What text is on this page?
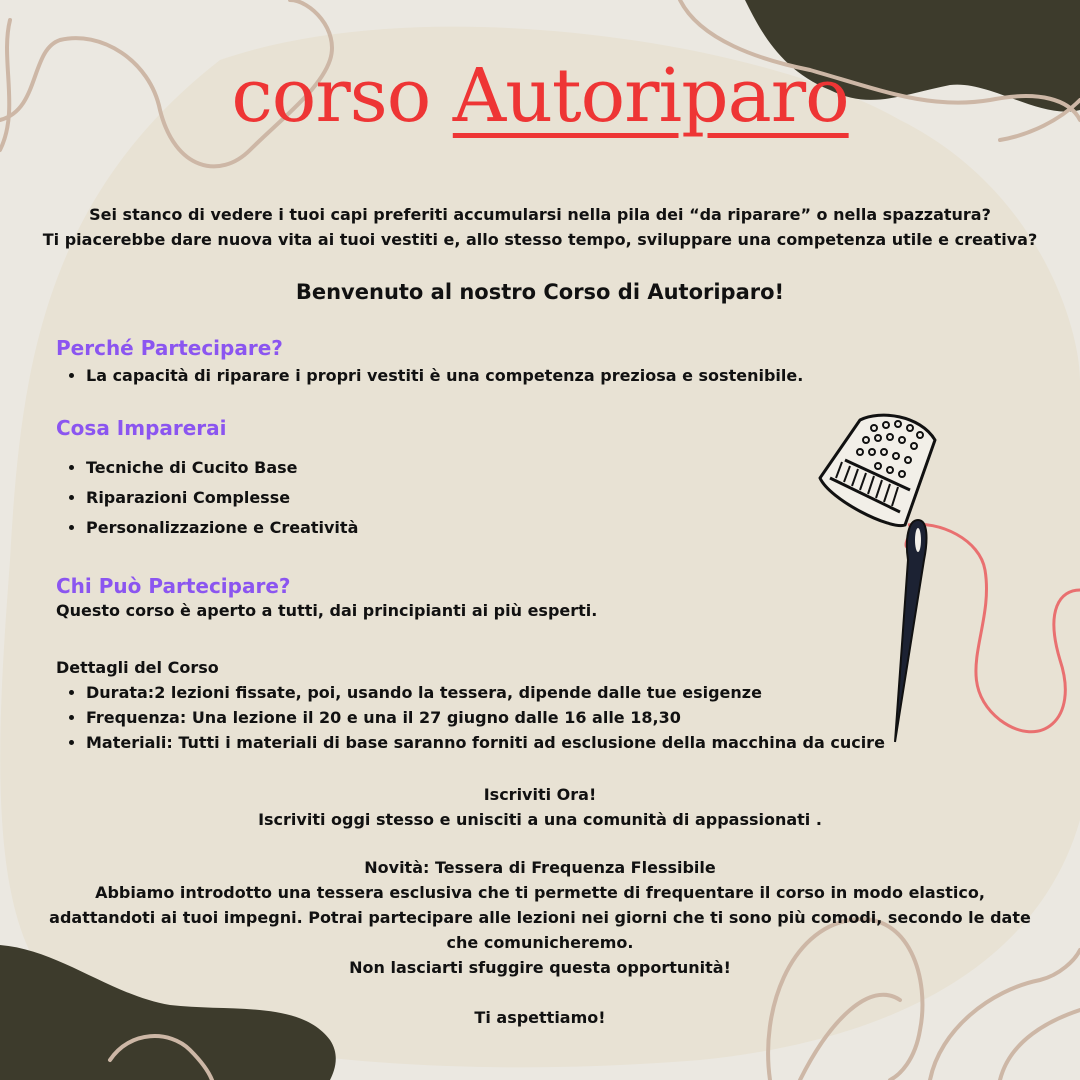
corso Autoriparo
Sei stanco di vedere i tuoi capi preferiti accumularsi nella pila dei “da riparare” o nella spazzatura?
Ti piacerebbe dare nuova vita ai tuoi vestiti e, allo stesso tempo, sviluppare una competenza utile e creativa?
Benvenuto al nostro Corso di Autoriparo!
Perché Partecipare?
• La capacità di riparare i propri vestiti è una competenza preziosa e sostenibile.
Cosa Imparerai
• Tecniche di Cucito Base
• Riparazioni Complesse
• Personalizzazione e Creatività
Chi Può Partecipare?
Questo corso è aperto a tutti, dai principianti ai più esperti.
Dettagli del Corso
• Durata:2 lezioni fissate, poi, usando la tessera, dipende dalle tue esigenze
• Frequenza: Una lezione il 20 e una il 27 giugno dalle 16 alle 18,30
• Materiali: Tutti i materiali di base saranno forniti ad esclusione della macchina da cucire
Iscriviti Ora!
Iscriviti oggi stesso e unisciti a una comunità di appassionati .
Novità: Tessera di Frequenza Flessibile
Abbiamo introdotto una tessera esclusiva che ti permette di frequentare il corso in modo elastico, adattandoti ai tuoi impegni. Potrai partecipare alle lezioni nei giorni che ti sono più comodi, secondo le date che comunicheremo.
Non lasciarti sfuggire questa opportunità!
Ti aspettiamo!
